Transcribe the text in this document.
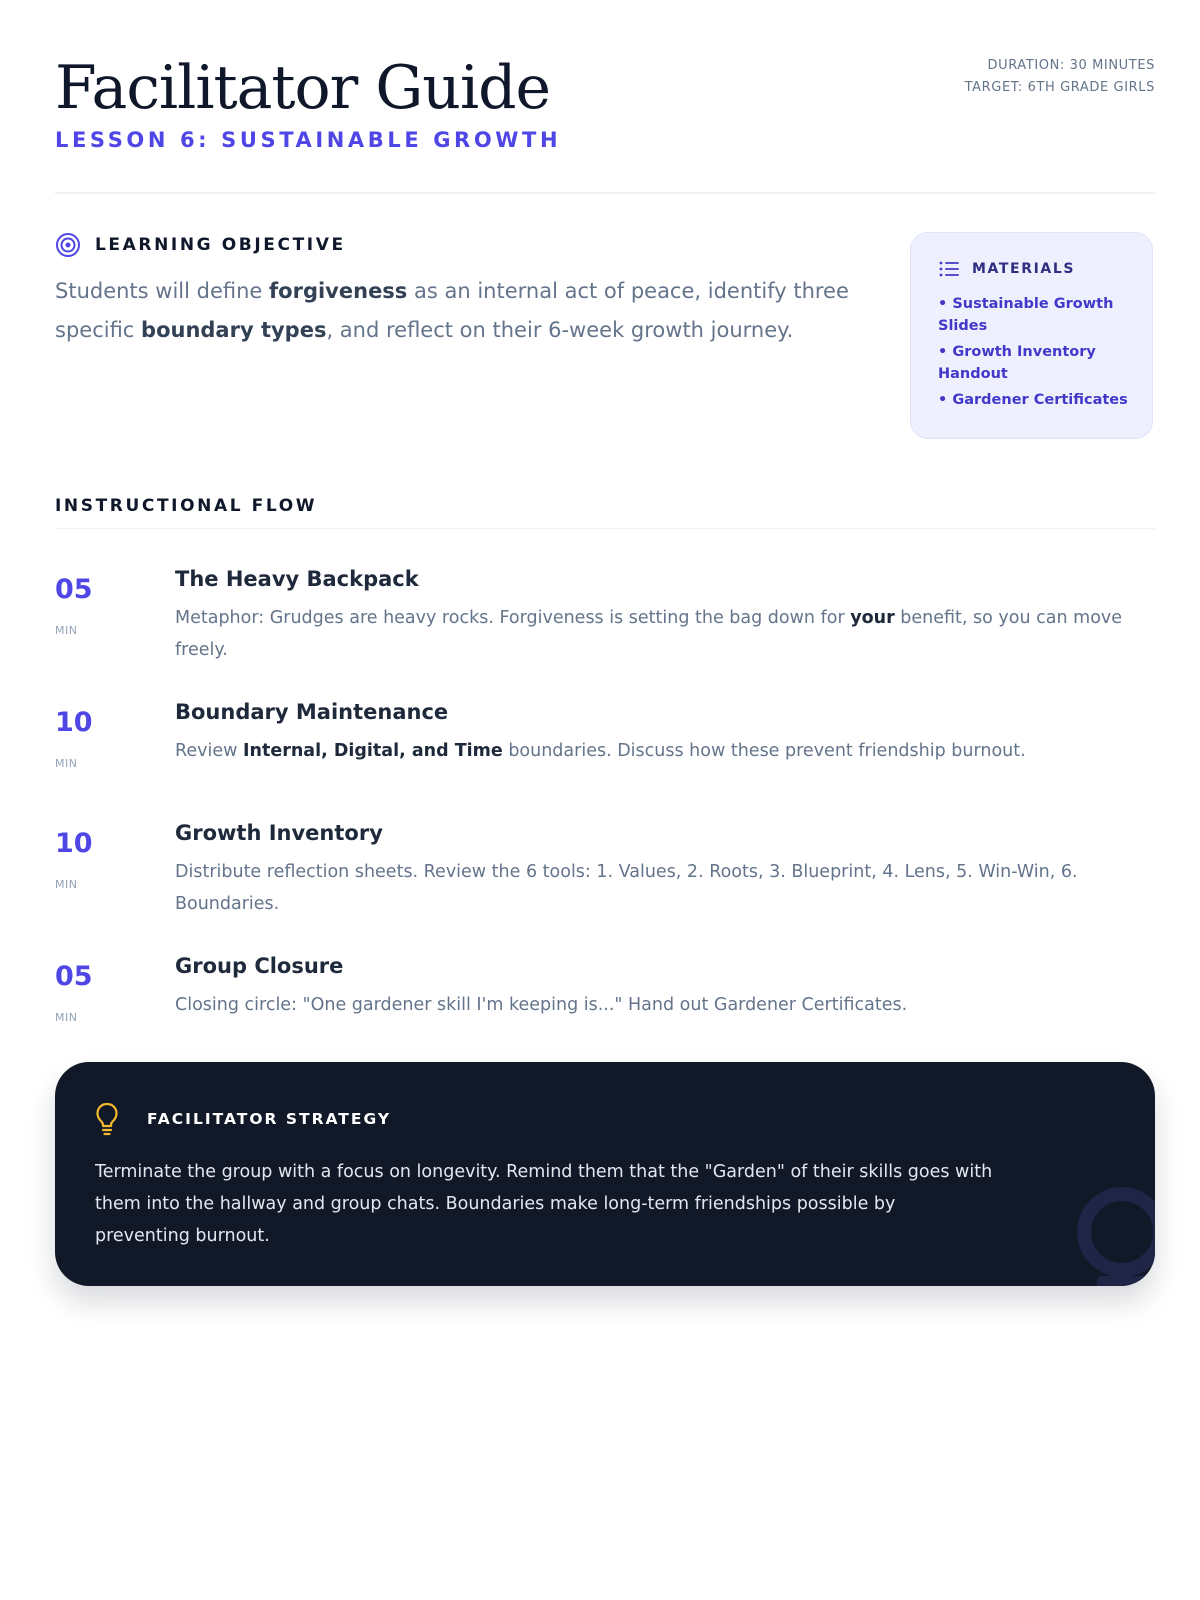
Facilitator Guide
LESSON 6: SUSTAINABLE GROWTH
DURATION: 30 MINUTES
TARGET: 6TH GRADE GIRLS
LEARNING OBJECTIVE

Students will define forgiveness as an internal act of peace, identify three specific boundary types, and reflect on their 6-week growth journey.

MATERIALS
• Sustainable Growth Slides
• Growth Inventory Handout
• Gardener Certificates
INSTRUCTIONAL FLOW
05
MIN
The Heavy Backpack
Metaphor: Grudges are heavy rocks. Forgiveness is setting the bag down for your benefit, so you can move freely.
10
MIN
Boundary Maintenance
Review Internal, Digital, and Time boundaries. Discuss how these prevent friendship burnout.
10
MIN
Growth Inventory
Distribute reflection sheets. Review the 6 tools: 1. Values, 2. Roots, 3. Blueprint, 4. Lens, 5. Win-Win, 6. Boundaries.
05
MIN
Group Closure
Closing circle: "One gardener skill I'm keeping is..." Hand out Gardener Certificates.
FACILITATOR STRATEGY

Terminate the group with a focus on longevity. Remind them that the "Garden" of their skills goes with them into the hallway and group chats. Boundaries make long-term friendships possible by preventing burnout.
